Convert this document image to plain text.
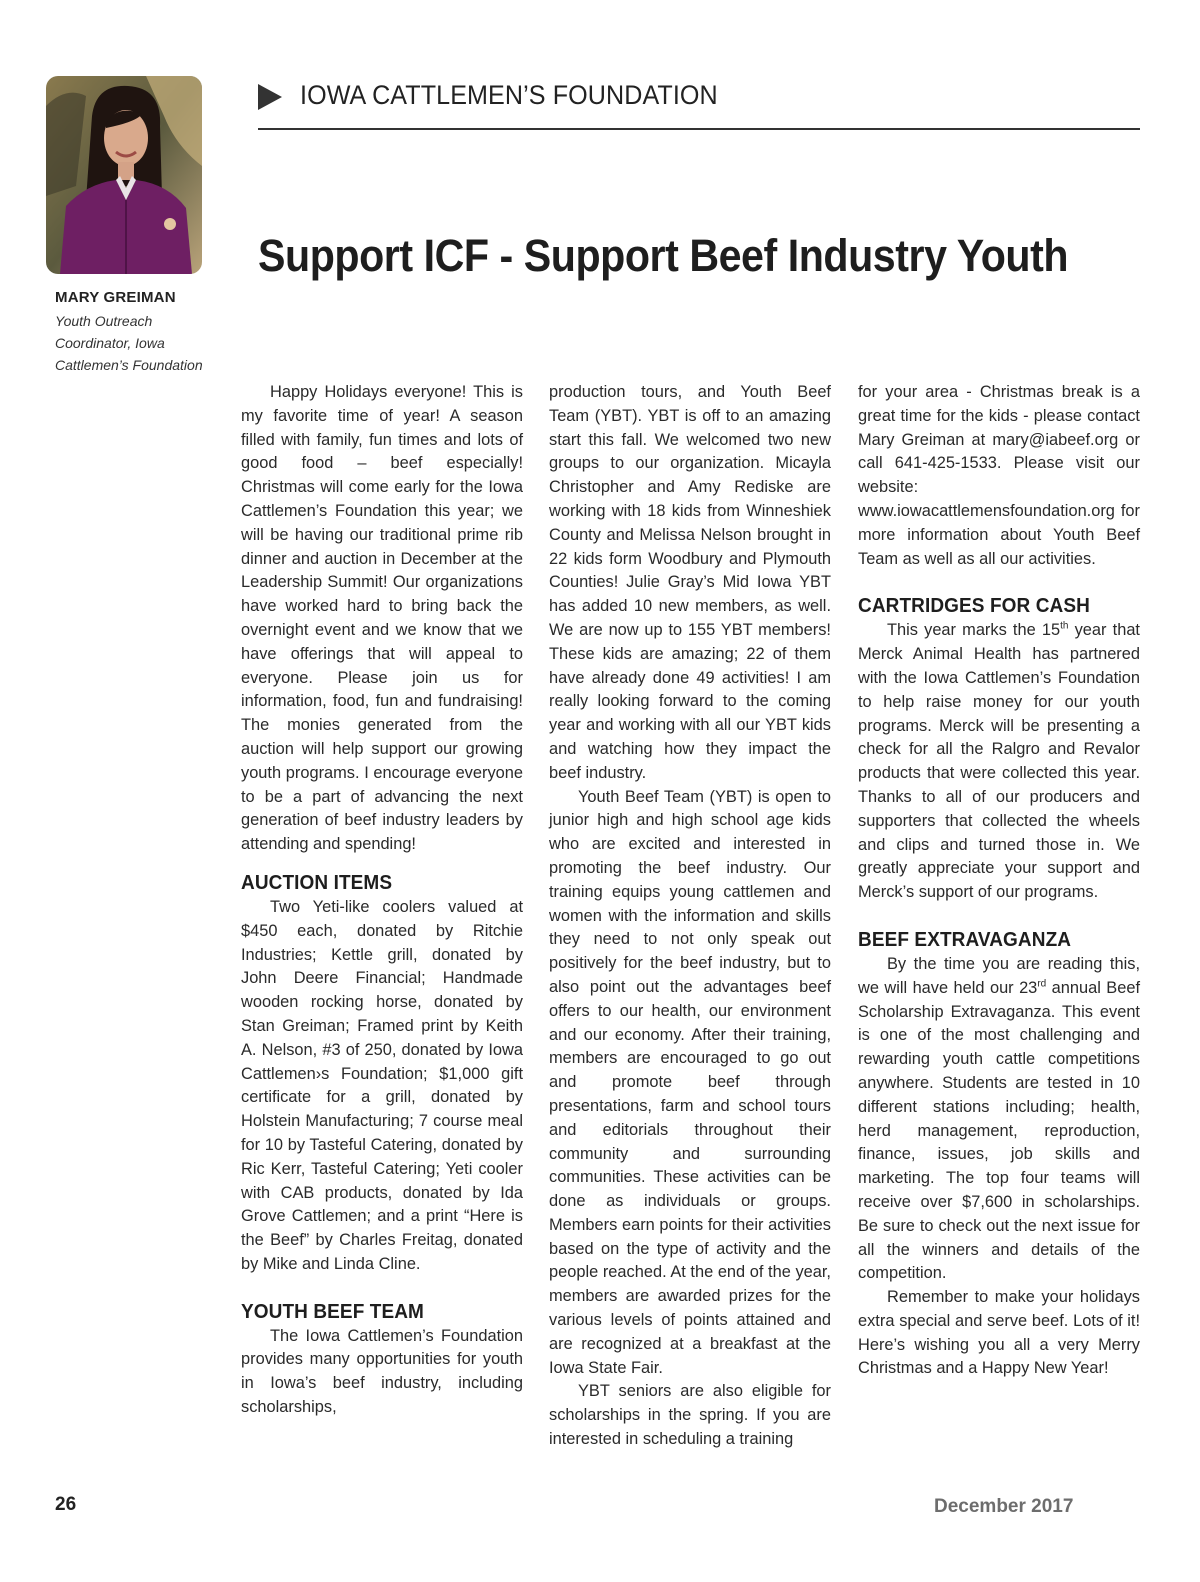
MARY GREIMAN

Youth Outreach

Coordinator, Iowa

Cattlemen’s Foundation

IOWA CATTLEMEN’S FOUNDATION
Support ICF - Support Beef Industry Youth

Happy Holidays everyone! This is my favorite time of year! A season filled with family, fun times and lots of good food – beef especially! Christmas will come early for the Iowa Cattlemen’s Foundation this year; we will be having our traditional prime rib dinner and auction in December at the Leadership Summit! Our organizations have worked hard to bring back the overnight event and we know that we have offerings that will appeal to everyone. Please join us for information, food, fun and fundraising! The monies generated from the auction will help support our growing youth programs. I encourage everyone to be a part of advancing the next generation of beef industry leaders by attending and spending!

AUCTION ITEMS

Two Yeti-like coolers valued at $450 each, donated by Ritchie Industries; Kettle grill, donated by John Deere Financial; Handmade wooden rocking horse, donated by Stan Greiman; Framed print by Keith A. Nelson, #3 of 250, donated by Iowa Cattlemen›s Foundation; $1,000 gift certificate for a grill, donated by Holstein Manufacturing; 7 course meal for 10 by Tasteful Catering, donated by Ric Kerr, Tasteful Catering; Yeti cooler with CAB products, donated by Ida Grove Cattlemen; and a print “Here is the Beef” by Charles Freitag, donated by Mike and Linda Cline.

YOUTH BEEF TEAM

The Iowa Cattlemen’s Foundation provides many opportunities for youth in Iowa’s beef industry, including scholarships,

production tours, and Youth Beef Team (YBT). YBT is off to an amazing start this fall. We welcomed two new groups to our organization. Micayla Christopher and Amy Rediske are working with 18 kids from Winneshiek County and Melissa Nelson brought in 22 kids form Woodbury and Plymouth Counties! Julie Gray’s Mid Iowa YBT has added 10 new members, as well. We are now up to 155 YBT members! These kids are amazing; 22 of them have already done 49 activities! I am really looking forward to the coming year and working with all our YBT kids and watching how they impact the beef industry.

Youth Beef Team (YBT) is open to junior high and high school age kids who are excited and interested in promoting the beef industry. Our training equips young cattlemen and women with the information and skills they need to not only speak out positively for the beef industry, but to also point out the advantages beef offers to our health, our environment and our economy. After their training, members are encouraged to go out and promote beef through presentations, farm and school tours and editorials throughout their community and surrounding communities. These activities can be done as individuals or groups. Members earn points for their activities based on the type of activity and the people reached. At the end of the year, members are awarded prizes for the various levels of points attained and are recognized at a breakfast at the Iowa State Fair.

YBT seniors are also eligible for scholarships in the spring. If you are interested in scheduling a training

for your area - Christmas break is a great time for the kids - please contact Mary Greiman at mary@iabeef.org or call 641-425-1533. Please visit our website: www.iowacattlemensfoundation.org for more information about Youth Beef Team as well as all our activities.

CARTRIDGES FOR CASH

This year marks the 15th year that Merck Animal Health has partnered with the Iowa Cattlemen’s Foundation to help raise money for our youth programs. Merck will be presenting a check for all the Ralgro and Revalor products that were collected this year. Thanks to all of our producers and supporters that collected the wheels and clips and turned those in. We greatly appreciate your support and Merck’s support of our programs.

BEEF EXTRAVAGANZA

By the time you are reading this, we will have held our 23rd annual Beef Scholarship Extravaganza. This event is one of the most challenging and rewarding youth cattle competitions anywhere. Students are tested in 10 different stations including; health, herd management, reproduction, finance, issues, job skills and marketing. The top four teams will receive over $7,600 in scholarships. Be sure to check out the next issue for all the winners and details of the competition.

Remember to make your holidays extra special and serve beef. Lots of it! Here’s wishing you all a very Merry Christmas and a Happy New Year!

26	December 2017
